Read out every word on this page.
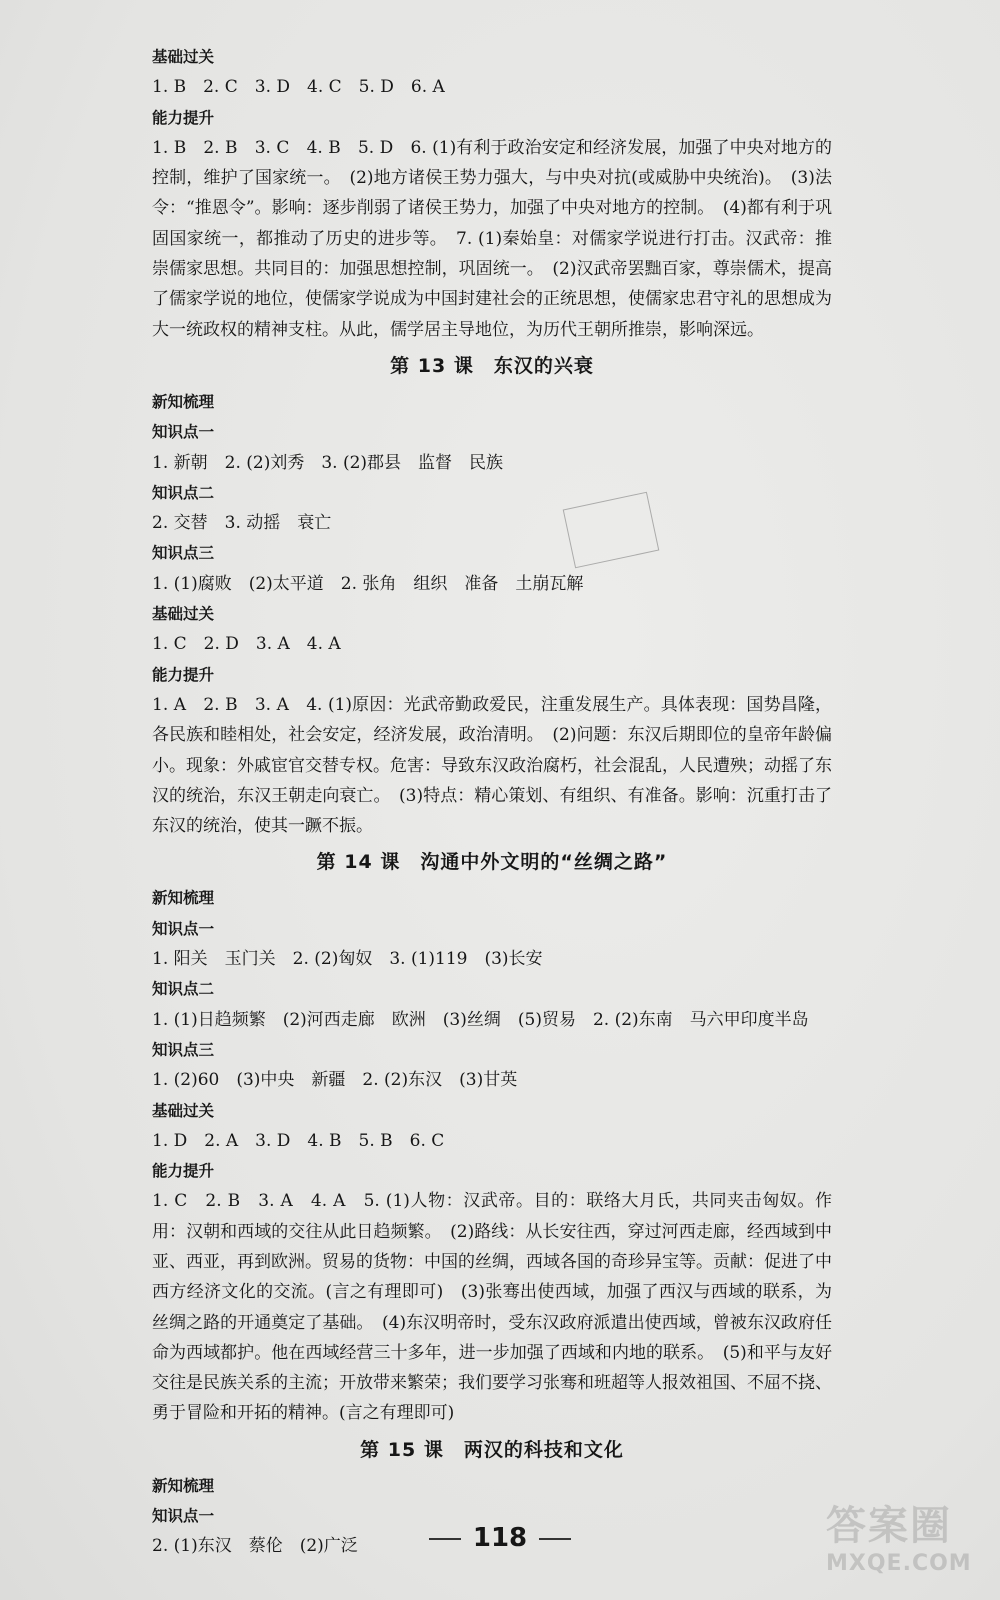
基础过关
1. B　2. C　3. D　4. C　5. D　6. A
能力提升
1. B　2. B　3. C　4. B　5. D　6. (1)有利于政治安定和经济发展，加强了中央对地方的控制，维护了国家统一。　(2)地方诸侯王势力强大，与中央对抗(或威胁中央统治)。　(3)法令：“推恩令”。影响：逐步削弱了诸侯王势力，加强了中央对地方的控制。　(4)都有利于巩固国家统一，都推动了历史的进步等。　7. (1)秦始皇：对儒家学说进行打击。汉武帝：推崇儒家思想。共同目的：加强思想控制，巩固统一。　(2)汉武帝罢黜百家，尊崇儒术，提高了儒家学说的地位，使儒家学说成为中国封建社会的正统思想，使儒家忠君守礼的思想成为大一统政权的精神支柱。从此，儒学居主导地位，为历代王朝所推崇，影响深远。
第 13 课　东汉的兴衰
新知梳理
知识点一
1. 新朝　2. (2)刘秀　3. (2)郡县　监督　民族
知识点二
2. 交替　3. 动摇　衰亡
知识点三
1. (1)腐败　(2)太平道　2. 张角　组织　准备　土崩瓦解
基础过关
1. C　2. D　3. A　4. A
能力提升
1. A　2. B　3. A　4. (1)原因：光武帝勤政爱民，注重发展生产。具体表现：国势昌隆，各民族和睦相处，社会安定，经济发展，政治清明。　(2)问题：东汉后期即位的皇帝年龄偏小。现象：外戚宦官交替专权。危害：导致东汉政治腐朽，社会混乱，人民遭殃；动摇了东汉的统治，东汉王朝走向衰亡。　(3)特点：精心策划、有组织、有准备。影响：沉重打击了东汉的统治，使其一蹶不振。
第 14 课　沟通中外文明的“丝绸之路”
新知梳理
知识点一
1. 阳关　玉门关　2. (2)匈奴　3. (1)119　(3)长安
知识点二
1. (1)日趋频繁　(2)河西走廊　欧洲　(3)丝绸　(5)贸易　2. (2)东南　马六甲印度半岛
知识点三
1. (2)60　(3)中央　新疆　2. (2)东汉　(3)甘英
基础过关
1. D　2. A　3. D　4. B　5. B　6. C
能力提升
1. C　2. B　3. A　4. A　5. (1)人物：汉武帝。目的：联络大月氏，共同夹击匈奴。作用：汉朝和西域的交往从此日趋频繁。　(2)路线：从长安往西，穿过河西走廊，经西域到中亚、西亚，再到欧洲。贸易的货物：中国的丝绸，西域各国的奇珍异宝等。贡献：促进了中西方经济文化的交流。(言之有理即可)　(3)张骞出使西域，加强了西汉与西域的联系，为丝绸之路的开通奠定了基础。　(4)东汉明帝时，受东汉政府派遣出使西域，曾被东汉政府任命为西域都护。他在西域经营三十多年，进一步加强了西域和内地的联系。　(5)和平与友好交往是民族关系的主流；开放带来繁荣；我们要学习张骞和班超等人报效祖国、不屈不挠、勇于冒险和开拓的精神。(言之有理即可)
第 15 课　两汉的科技和文化
新知梳理
知识点一
2. (1)东汉　蔡伦　(2)广泛	118	答案圈
MXQE.COM
